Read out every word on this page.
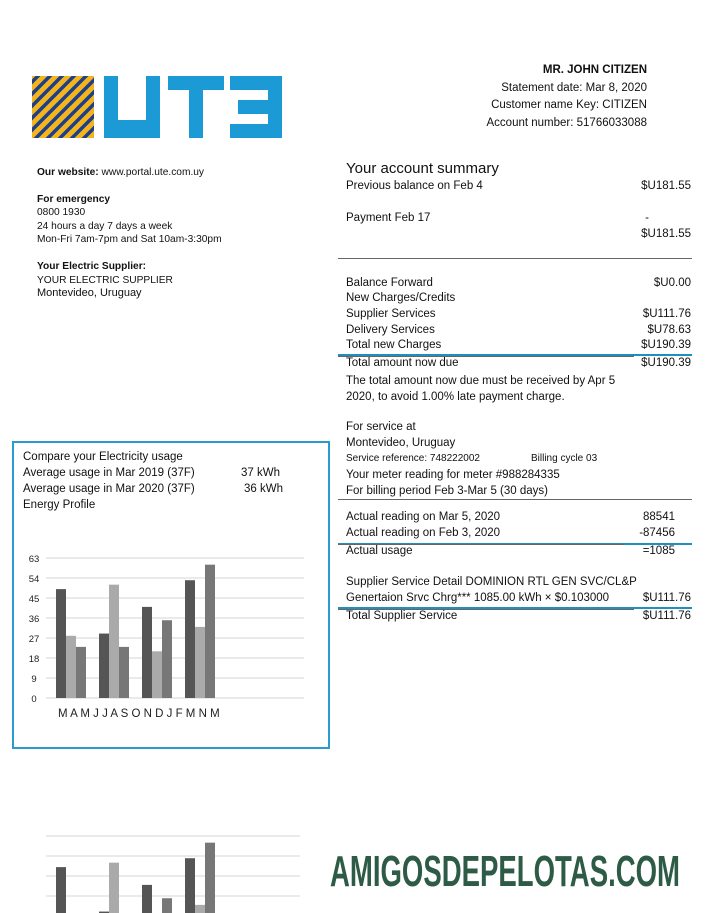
MR. JOHN CITIZEN
Statement date: Mar 8, 2020
Customer name Key: CITIZEN
Account number: 51766033088
Our website: www.portal.ute.com.uy
For emergency
0800 1930
24 hours a day 7 days a week
Mon-Fri 7am-7pm and Sat 10am-3:30pm
Your Electric Supplier:
YOUR ELECTRIC SUPPLIER
Montevideo, Uruguay
Your account summary
Previous balance on Feb 4	$U181.55
Payment Feb 17	-
$U181.55
Balance Forward	$U0.00
New Charges/Credits
Supplier Services	$U111.76
Delivery Services	$U78.63
Total new Charges	$U190.39
Total amount now due	$U190.39
The total amount now due must be received by Apr 5
2020, to avoid 1.00% late payment charge.
For service at
Montevideo, Uruguay
Service reference: 748222002	Billing cycle 03
Your meter reading for meter #988284335
For billing period Feb 3-Mar 5 (30 days)
Actual reading on Mar 5, 2020	88541
Actual reading on Feb 3, 2020	-87456
Actual usage	=1085
Supplier Service Detail DOMINION RTL GEN SVC/CL&P
Genertaion Srvc Chrg*** 1085.00 kWh × $0.103000	$U111.76
Total Supplier Service	$U111.76
Compare your Electricity usage
Average usage in Mar 2019 (37F)	37 kWh
Average usage in Mar 2020 (37F)	36 kWh
Energy Profile
63
54
45
36
27
18
9
0
M A M J J A S O N D J F M N M
AMIGOSDEPELOTAS.COM
